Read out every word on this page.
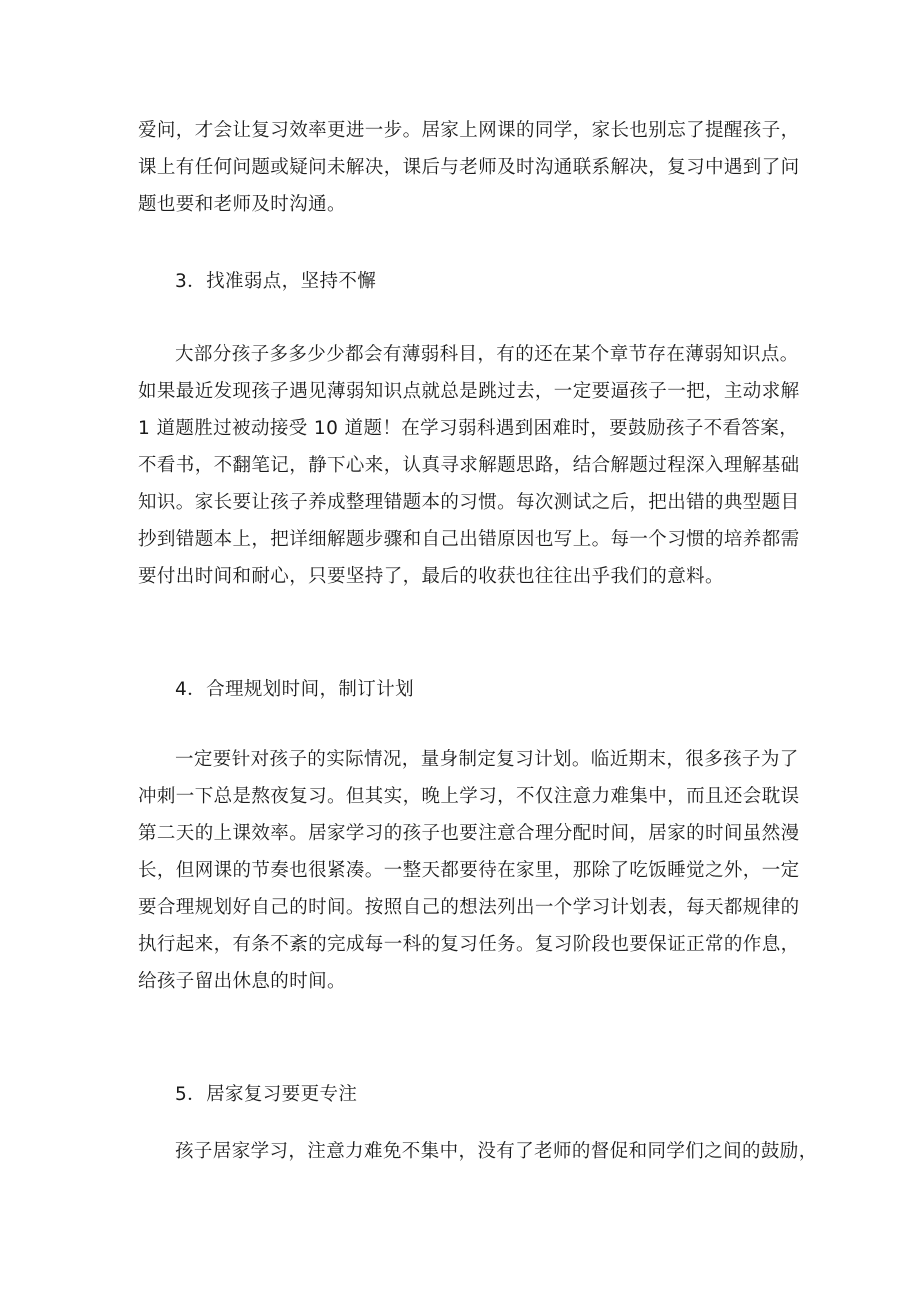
爱问，才会让复习效率更进一步。居家上网课的同学，家长也别忘了提醒孩子，
课上有任何问题或疑问未解决，课后与老师及时沟通联系解决，复习中遇到了问
题也要和老师及时沟通。
3．找准弱点，坚持不懈
大部分孩子多多少少都会有薄弱科目，有的还在某个章节存在薄弱知识点。
如果最近发现孩子遇见薄弱知识点就总是跳过去，一定要逼孩子一把，主动求解
1 道题胜过被动接受 10 道题！在学习弱科遇到困难时，要鼓励孩子不看答案，
不看书，不翻笔记，静下心来，认真寻求解题思路，结合解题过程深入理解基础
知识。家长要让孩子养成整理错题本的习惯。每次测试之后，把出错的典型题目
抄到错题本上，把详细解题步骤和自己出错原因也写上。每一个习惯的培养都需
要付出时间和耐心，只要坚持了，最后的收获也往往出乎我们的意料。
4．合理规划时间，制订计划
一定要针对孩子的实际情况，量身制定复习计划。临近期末，很多孩子为了
冲刺一下总是熬夜复习。但其实，晚上学习，不仅注意力难集中，而且还会耽误
第二天的上课效率。居家学习的孩子也要注意合理分配时间，居家的时间虽然漫
长，但网课的节奏也很紧凑。一整天都要待在家里，那除了吃饭睡觉之外，一定
要合理规划好自己的时间。按照自己的想法列出一个学习计划表，每天都规律的
执行起来，有条不紊的完成每一科的复习任务。复习阶段也要保证正常的作息，
给孩子留出休息的时间。
5．居家复习要更专注
孩子居家学习，注意力难免不集中，没有了老师的督促和同学们之间的鼓励，
